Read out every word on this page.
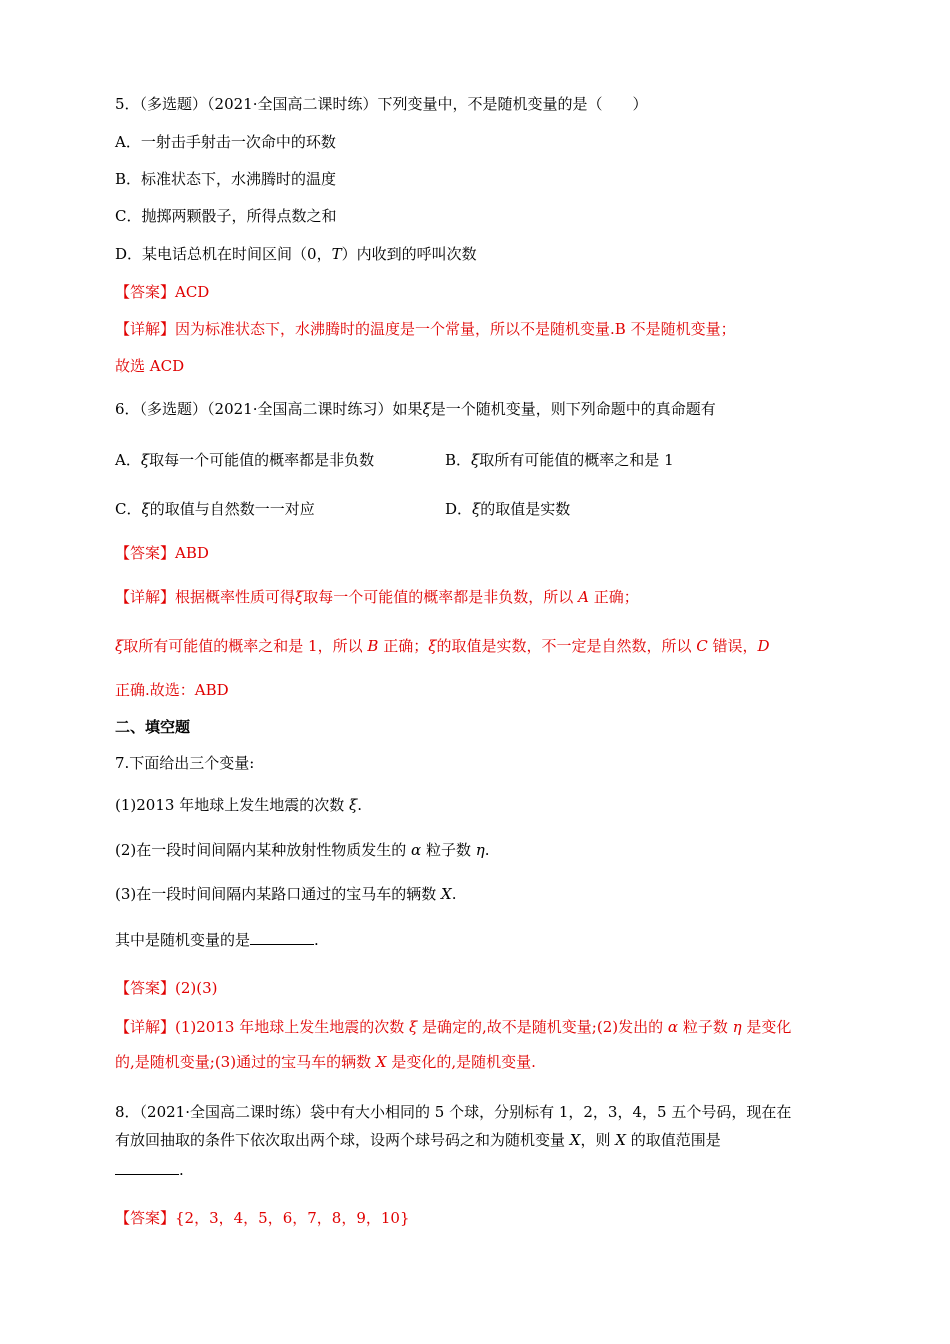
5．（多选题）（2021·全国高二课时练）下列变量中，不是随机变量的是（　　）
A．一射击手射击一次命中的环数
B．标准状态下，水沸腾时的温度
C．抛掷两颗骰子，所得点数之和
D．某电话总机在时间区间（0，T）内收到的呼叫次数
【答案】ACD
【详解】因为标准状态下，水沸腾时的温度是一个常量，所以不是随机变量.B 不是随机变量；
故选 ACD
6．（多选题）（2021·全国高二课时练习）如果ξ是一个随机变量，则下列命题中的真命题有
A．ξ取每一个可能值的概率都是非负数	B．ξ取所有可能值的概率之和是 1
C．ξ的取值与自然数一一对应	D．ξ的取值是实数
【答案】ABD
【详解】根据概率性质可得ξ取每一个可能值的概率都是非负数，所以 A 正确；
ξ取所有可能值的概率之和是 1，所以 B 正确；ξ的取值是实数，不一定是自然数，所以 C 错误，D
正确.故选：ABD
二、填空题
7.下面给出三个变量:
(1)2013 年地球上发生地震的次数 ξ.
(2)在一段时间间隔内某种放射性物质发生的 α 粒子数 η.
(3)在一段时间间隔内某路口通过的宝马车的辆数 X.
其中是随机变量的是	.
【答案】(2)(3)
【详解】(1)2013 年地球上发生地震的次数 ξ 是确定的,故不是随机变量;(2)发出的 α 粒子数 η 是变化
的,是随机变量;(3)通过的宝马车的辆数 X 是变化的,是随机变量.
8．（2021·全国高二课时练）袋中有大小相同的 5 个球，分别标有 1，2，3，4，5 五个号码，现在在
有放回抽取的条件下依次取出两个球，设两个球号码之和为随机变量 X，则 X 的取值范围是
.
【答案】{2，3，4，5，6，7，8，9，10}
